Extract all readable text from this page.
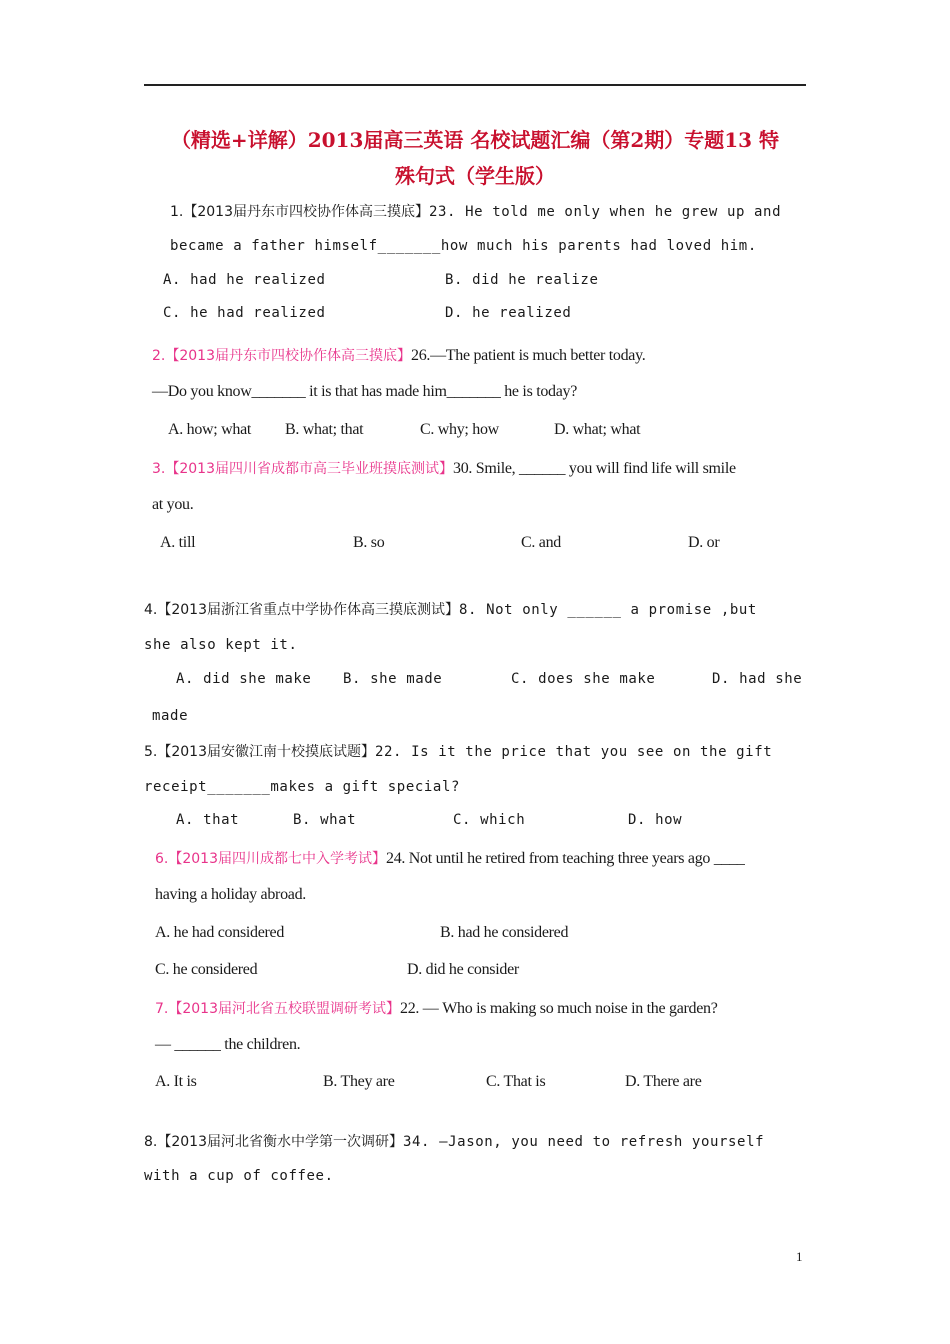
（精选+详解）2013届高三英语 名校试题汇编（第2期）专题13 特
殊句式（学生版）
1.【2013届丹东市四校协作体高三摸底】23. He told me only when he grew up and
became a father himself_______how much his parents had loved him.
A. had he realized	B. did he realize
C. he had realized	D. he realized
2.【2013届丹东市四校协作体高三摸底】26.—The patient is much better today.
—Do you know_______ it is that has made him_______ he is today?
A. how; what B. what; that	C. why; how	D. what; what
3.【2013届四川省成都市高三毕业班摸底测试】30. Smile, ______ you will find life will smile
at you.
A. till	B. so	C. and	D. or
4.【2013届浙江省重点中学协作体高三摸底测试】8. Not only ______ a promise ,but
she also kept it.
A. did she make B. she made	C. does she make	D. had she
made
5.【2013届安徽江南十校摸底试题】22. Is it the price that you see on the gift
receipt_______makes a gift special?
A. that	B. what	C. which	D. how
6.【2013届四川成都七中入学考试】24. Not until he retired from teaching three years ago ____
having a holiday abroad.
A. he had considered	B. had he considered
C. he considered	D. did he consider
7.【2013届河北省五校联盟调研考试】22. — Who is making so much noise in the garden?
— ______ the children.
A. It is	B. They are	C. That is	D. There are
8.【2013届河北省衡水中学第一次调研】34. —Jason, you need to refresh yourself
with a cup of coffee.
1
